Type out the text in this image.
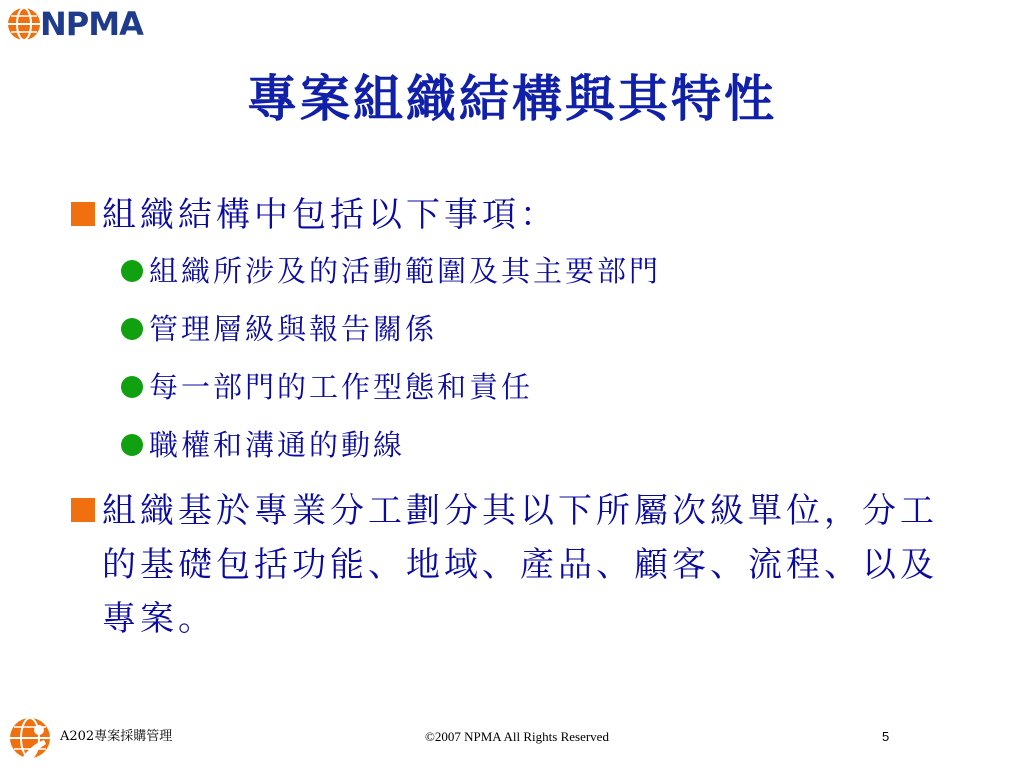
NPMA
專案組織結構與其特性
組織結構中包括以下事項：
組織所涉及的活動範圍及其主要部門
管理層級與報告關係
每一部門的工作型態和責任
職權和溝通的動線
組織基於專業分工劃分其以下所屬次級單位，分工的基礎包括功能、地域、產品、顧客、流程、以及專案。
A202專案採購管理	©2007 NPMA All Rights Reserved	5
